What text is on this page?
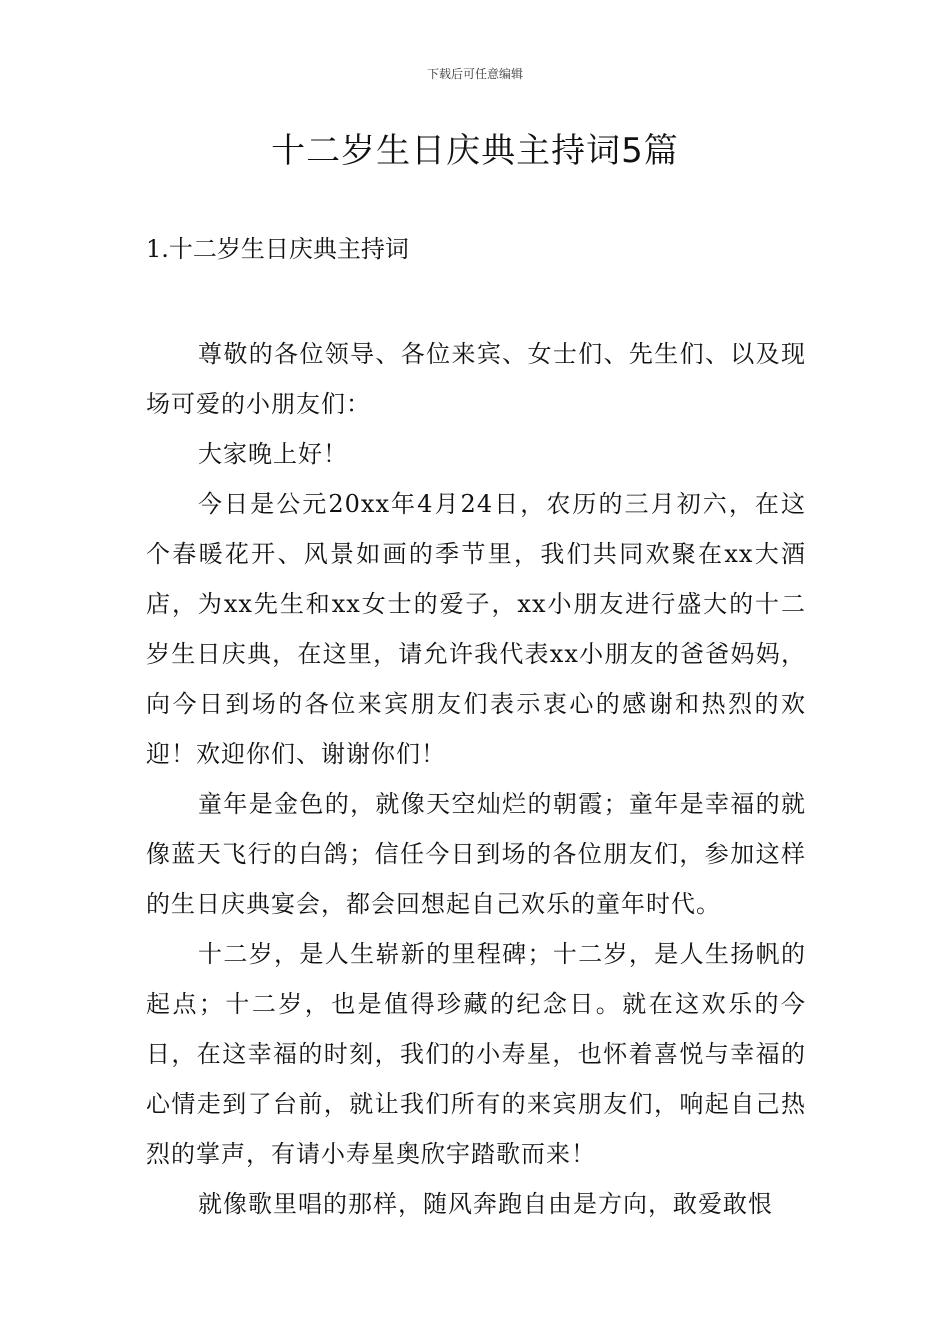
下载后可任意编辑
十二岁生日庆典主持词5篇
1.十二岁生日庆典主持词

尊敬的各位领导、各位来宾、女士们、先生们、以及现场可爱的小朋友们：

大家晚上好！

今日是公元20xx年4月24日，农历的三月初六，在这个春暖花开、风景如画的季节里，我们共同欢聚在xx大酒店，为xx先生和xx女士的爱子，xx小朋友进行盛大的十二岁生日庆典，在这里，请允许我代表xx小朋友的爸爸妈妈，向今日到场的各位来宾朋友们表示衷心的感谢和热烈的欢迎！欢迎你们、谢谢你们！

童年是金色的，就像天空灿烂的朝霞；童年是幸福的就像蓝天飞行的白鸽；信任今日到场的各位朋友们，参加这样的生日庆典宴会，都会回想起自己欢乐的童年时代。

十二岁，是人生崭新的里程碑；十二岁，是人生扬帆的起点；十二岁，也是值得珍藏的纪念日。就在这欢乐的今日，在这幸福的时刻，我们的小寿星，也怀着喜悦与幸福的心情走到了台前，就让我们所有的来宾朋友们，响起自己热烈的掌声，有请小寿星奥欣宇踏歌而来！

就像歌里唱的那样，随风奔跑自由是方向，敢爱敢恨
